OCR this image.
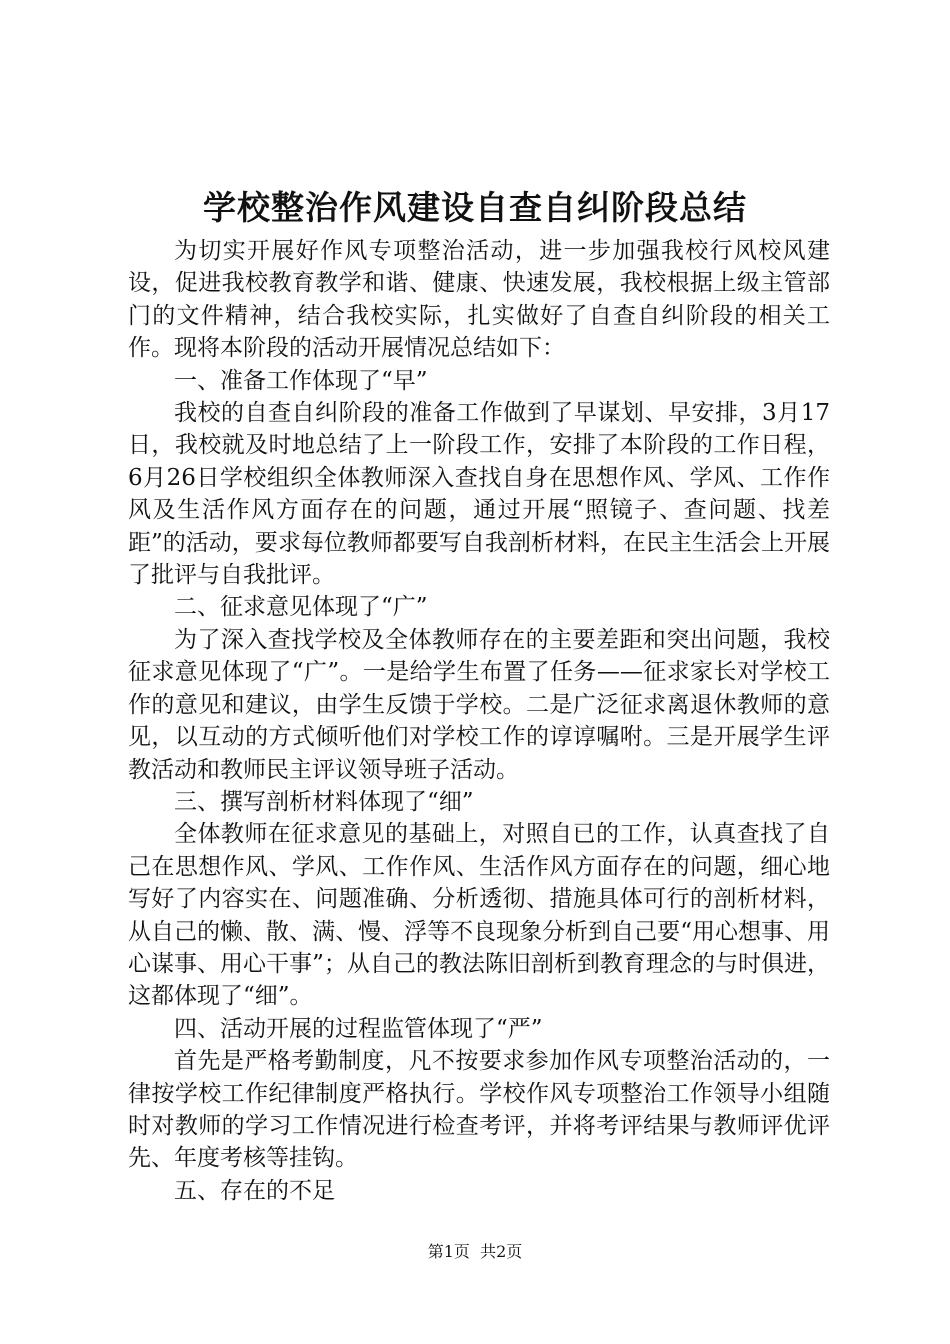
学校整治作风建设自查自纠阶段总结

为切实开展好作风专项整治活动，进一步加强我校行风校风建设，促进我校教育教学和谐、健康、快速发展，我校根据上级主管部门的文件精神，结合我校实际，扎实做好了自查自纠阶段的相关工作。现将本阶段的活动开展情况总结如下：

一、准备工作体现了“早”

我校的自查自纠阶段的准备工作做到了早谋划、早安排，3月17日，我校就及时地总结了上一阶段工作，安排了本阶段的工作日程，6月26日学校组织全体教师深入查找自身在思想作风、学风、工作作风及生活作风方面存在的问题，通过开展“照镜子、查问题、找差距”的活动，要求每位教师都要写自我剖析材料，在民主生活会上开展了批评与自我批评。

二、征求意见体现了“广”

为了深入查找学校及全体教师存在的主要差距和突出问题，我校征求意见体现了“广”。一是给学生布置了任务——征求家长对学校工作的意见和建议，由学生反馈于学校。二是广泛征求离退休教师的意见，以互动的方式倾听他们对学校工作的谆谆嘱咐。三是开展学生评教活动和教师民主评议领导班子活动。

三、撰写剖析材料体现了“细”

全体教师在征求意见的基础上，对照自已的工作，认真查找了自己在思想作风、学风、工作作风、生活作风方面存在的问题，细心地写好了内容实在、问题准确、分析透彻、措施具体可行的剖析材料，从自己的懒、散、满、慢、浮等不良现象分析到自己要“用心想事、用心谋事、用心干事”；从自己的教法陈旧剖析到教育理念的与时俱进，这都体现了“细”。

四、活动开展的过程监管体现了“严”

首先是严格考勤制度，凡不按要求参加作风专项整治活动的，一律按学校工作纪律制度严格执行。学校作风专项整治工作领导小组随时对教师的学习工作情况进行检查考评，并将考评结果与教师评优评先、年度考核等挂钩。

五、存在的不足

第1页 共2页
